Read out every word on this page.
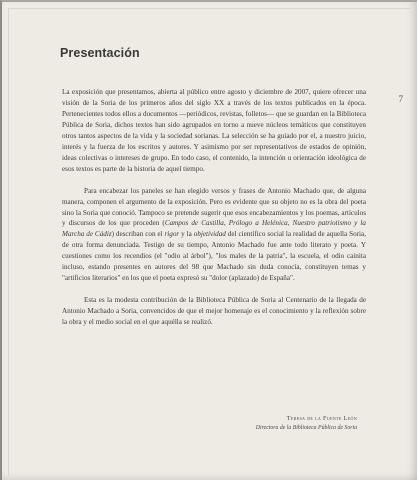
Presentación
7

La exposición que presentamos, abierta al público entre agosto y diciembre de 2007, quiere ofrecer una visión de la Soria de los primeros años del siglo XX a través de los textos publicados en la época. Pertenecientes todos ellos a documentos —periódicos, revistas, folletos— que se guardan en la Biblioteca Pública de Soria, dichos textos han sido agrupados en torno a nueve núcleos temáticos que constituyen otros tantos aspectos de la vida y la sociedad sorianas. La selección se ha guiado por el, a nuestro juicio, interés y la fuerza de los escritos y autores. Y asimismo por ser representativos de estados de opinión, ideas colectivas o intereses de grupo. En todo caso, el contenido, la intención u orientación ideológica de esos textos es parte de la historia de aquel tiempo.

Para encabezar los paneles se han elegido versos y frases de Antonio Machado que, de alguna manera, componen el argumento de la exposición. Pero es evidente que su objeto no es la obra del poeta sino la Soria que conoció. Tampoco se pretende sugerir que esos encabezamientos y los poemas, artículos y discursos de los que proceden (Campos de Castilla, Prólogo a Helénica, Nuestro patriotismo y la Marcha de Cádiz) describan con el rigor y la objetividad del científico social la realidad de aquella Soria, de otra forma denunciada. Testigo de su tiempo, Antonio Machado fue ante todo literato y poeta. Y cuestiones como los recendios (el "odio al árbol"), "los males de la patria", la escuela, el odio cainita incluso, estando presentes en autores del 98 que Machado sin duda conocía, constituyen temas y "artificios literarios" en los que el poeta expresó su "dolor (aplazado) de España".

Esta es la modesta contribución de la Biblioteca Pública de Soria al Centenario de la llegada de Antonio Machado a Soria, convencidos de que el mejor homenaje es el conocimiento y la reflexión sobre la obra y el medio social en el que aquélla se realizó.

Teresa de la Fuente León
Directora de la Biblioteca Pública de Soria
